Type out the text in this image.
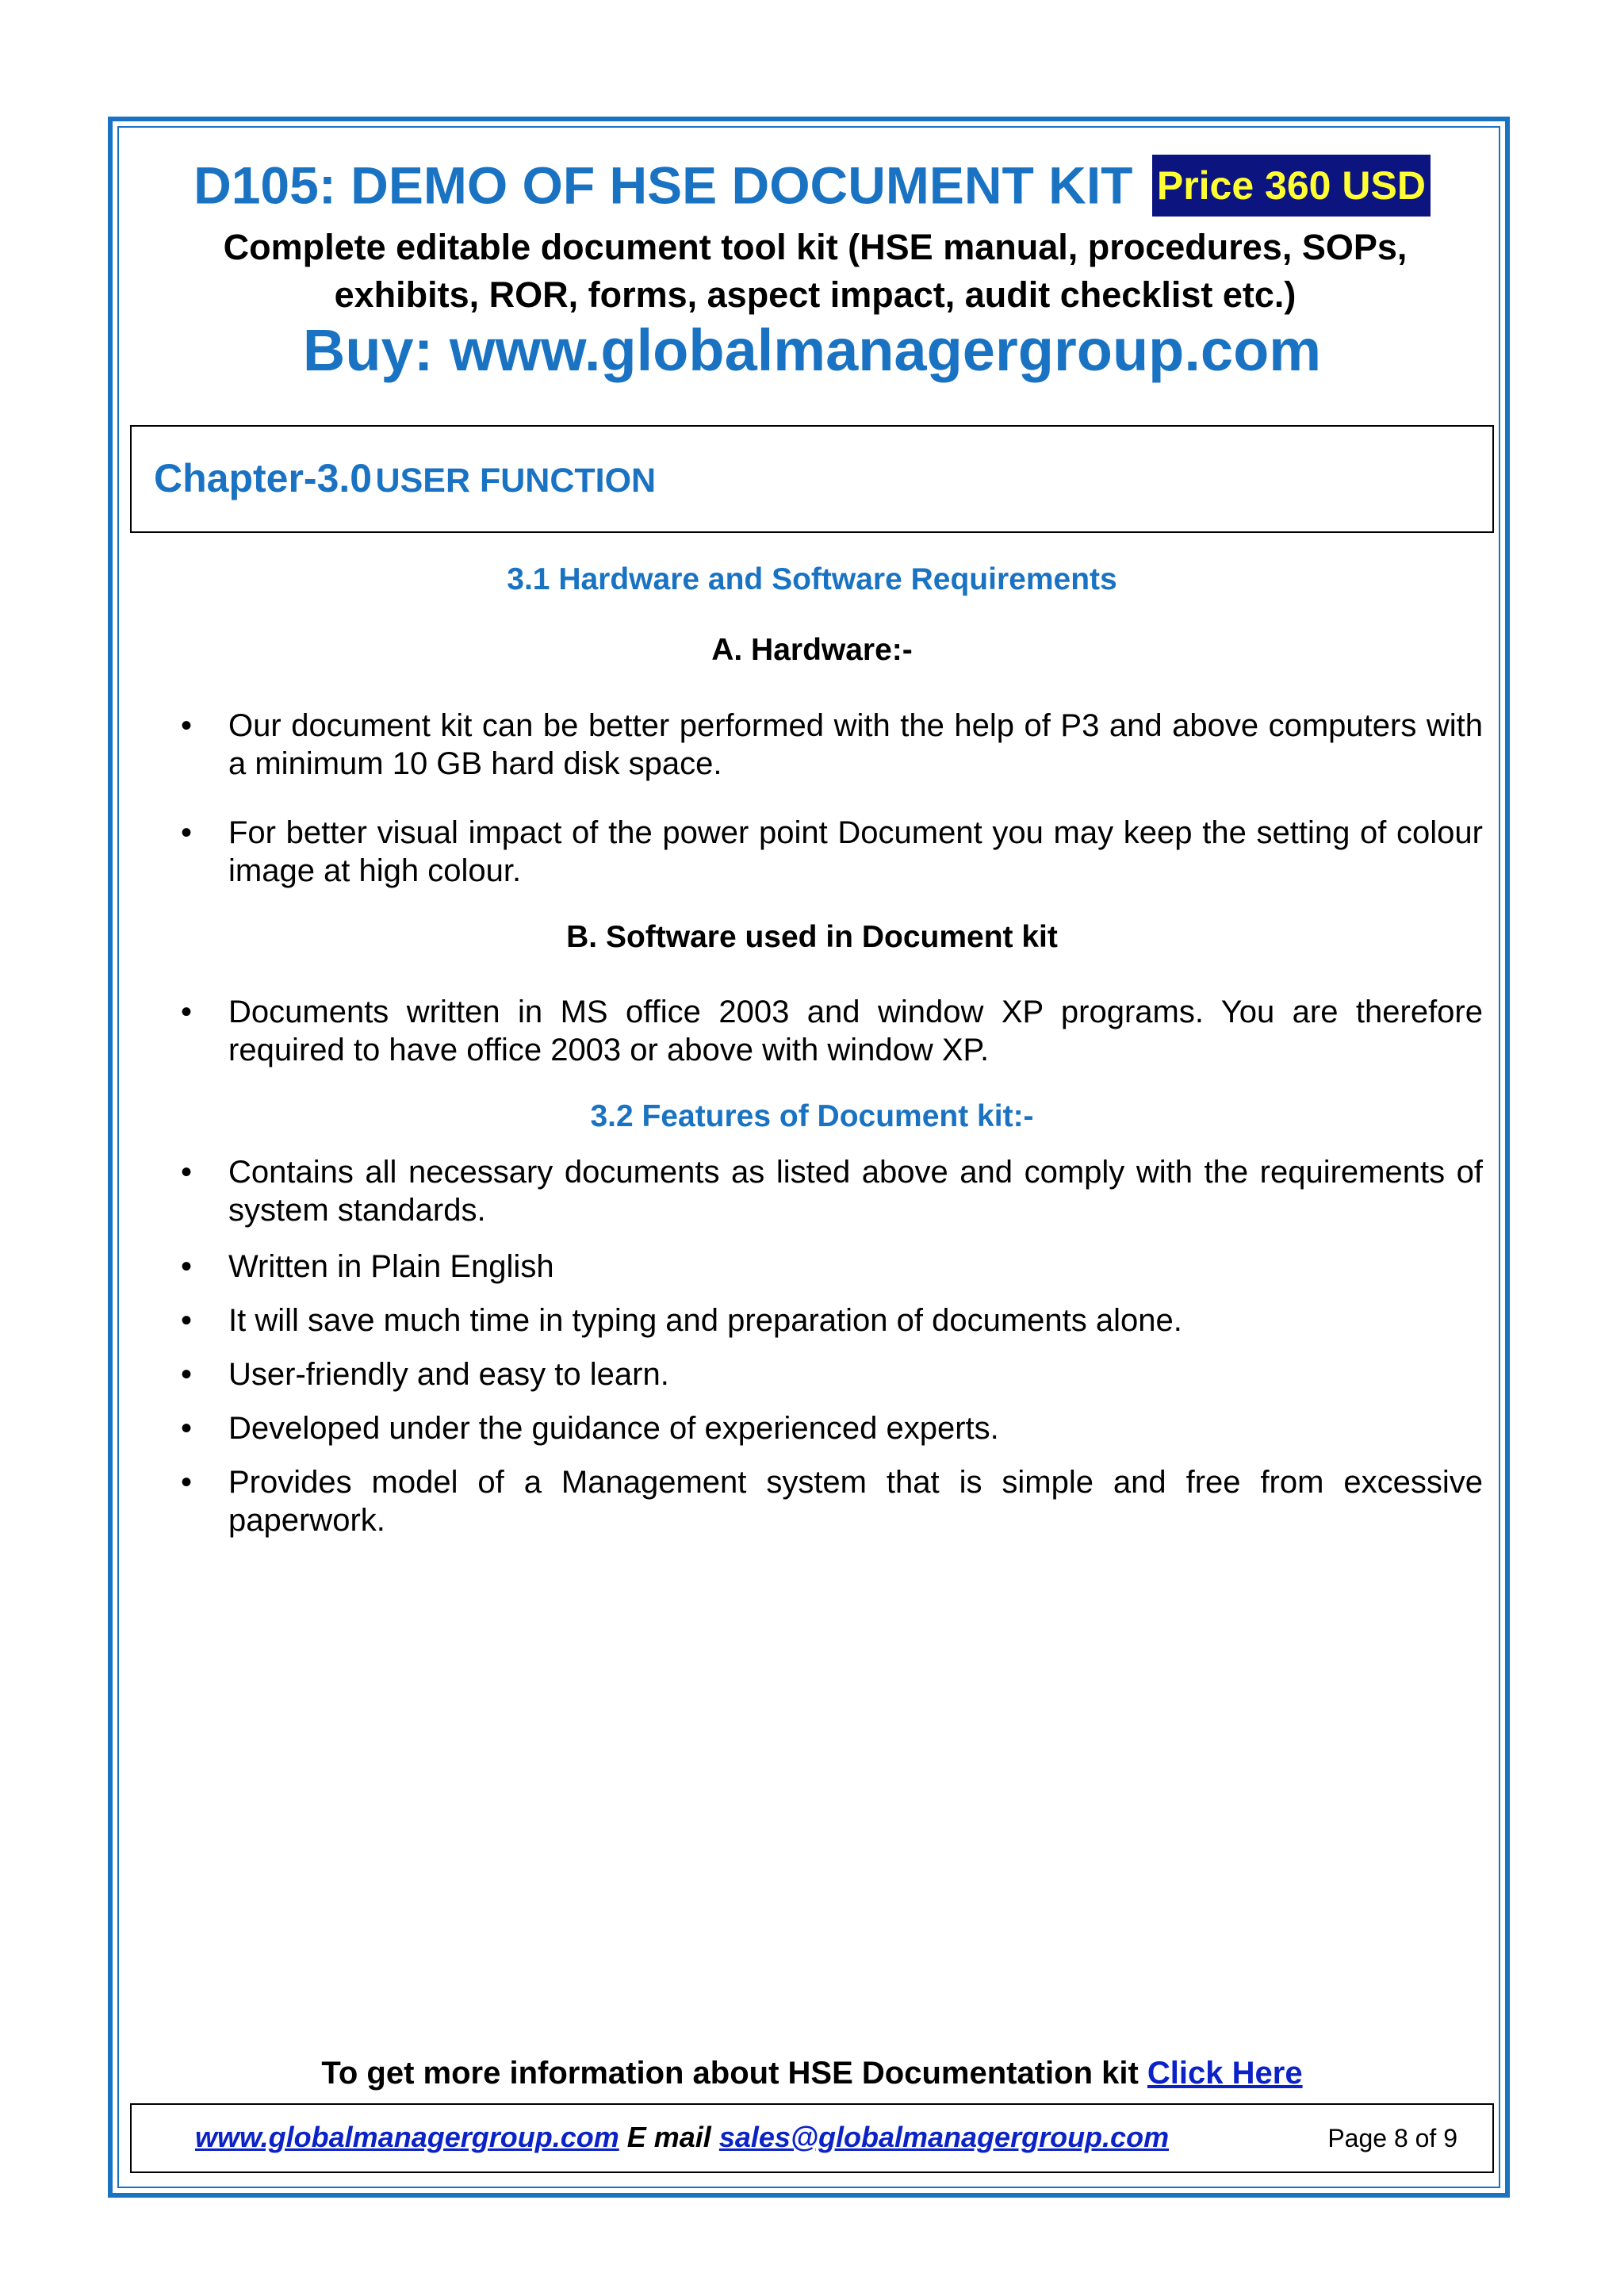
D105: DEMO OF HSE DOCUMENT KIT Price 360 USD
Complete editable document tool kit (HSE manual, procedures, SOPs,
exhibits, ROR, forms, aspect impact, audit checklist etc.)
Buy: www.globalmanagergroup.com
Chapter-3.0 USER FUNCTION
3.1 Hardware and Software Requirements
A. Hardware:-
• Our document kit can be better performed with the help of P3 and above computers with a minimum 10 GB hard disk space.
• For better visual impact of the power point Document you may keep the setting of colour image at high colour.
B. Software used in Document kit
• Documents written in MS office 2003 and window XP programs. You are therefore required to have office 2003 or above with window XP.
3.2 Features of Document kit:-
• Contains all necessary documents as listed above and comply with the requirements of system standards.
• Written in Plain English
• It will save much time in typing and preparation of documents alone.
• User-friendly and easy to learn.
• Developed under the guidance of experienced experts.
• Provides model of a Management system that is simple and free from excessive paperwork.
To get more information about HSE Documentation kit Click Here
www.globalmanagergroup.com E mail sales@globalmanagergroup.com	Page 8 of 9
